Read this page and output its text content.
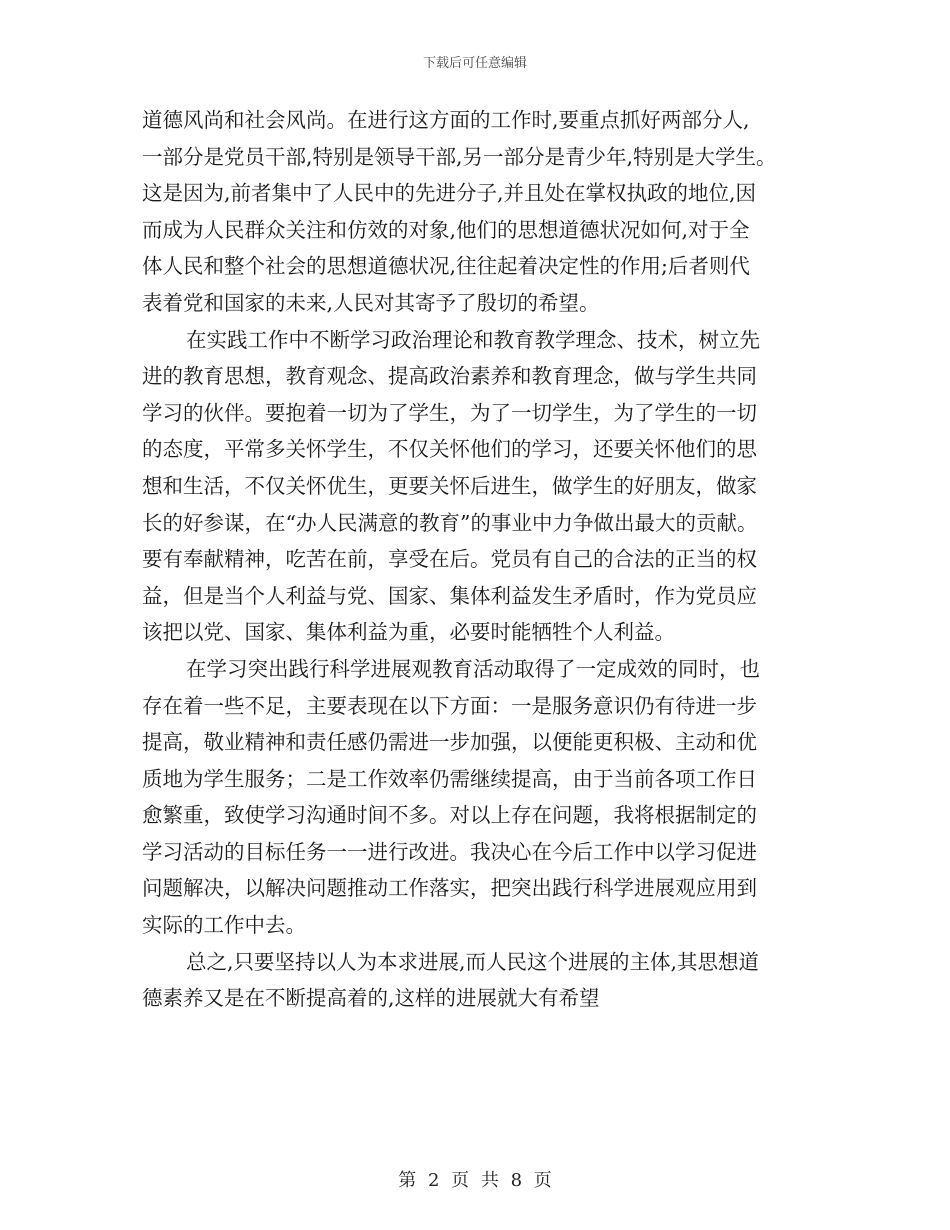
下载后可任意编辑
道德风尚和社会风尚。在进行这方面的工作时,要重点抓好两部分人,
一部分是党员干部,特别是领导干部,另一部分是青少年,特别是大学生。
这是因为,前者集中了人民中的先进分子,并且处在掌权执政的地位,因
而成为人民群众关注和仿效的对象,他们的思想道德状况如何,对于全
体人民和整个社会的思想道德状况,往往起着决定性的作用;后者则代
表着党和国家的未来,人民对其寄予了殷切的希望。
在实践工作中不断学习政治理论和教育教学理念、技术，树立先
进的教育思想，教育观念、提高政治素养和教育理念，做与学生共同
学习的伙伴。要抱着一切为了学生，为了一切学生，为了学生的一切
的态度，平常多关怀学生，不仅关怀他们的学习，还要关怀他们的思
想和生活，不仅关怀优生，更要关怀后进生，做学生的好朋友，做家
长的好参谋，在“办人民满意的教育”的事业中力争做出最大的贡献。
要有奉献精神，吃苦在前，享受在后。党员有自己的合法的正当的权
益，但是当个人利益与党、国家、集体利益发生矛盾时，作为党员应
该把以党、国家、集体利益为重，必要时能牺牲个人利益。
在学习突出践行科学进展观教育活动取得了一定成效的同时，也
存在着一些不足，主要表现在以下方面：一是服务意识仍有待进一步
提高，敬业精神和责任感仍需进一步加强，以便能更积极、主动和优
质地为学生服务；二是工作效率仍需继续提高，由于当前各项工作日
愈繁重，致使学习沟通时间不多。对以上存在问题，我将根据制定的
学习活动的目标任务一一进行改进。我决心在今后工作中以学习促进
问题解决，以解决问题推动工作落实，把突出践行科学进展观应用到
实际的工作中去。
总之,只要坚持以人为本求进展,而人民这个进展的主体,其思想道
德素养又是在不断提高着的,这样的进展就大有希望
第 2 页 共 8 页
